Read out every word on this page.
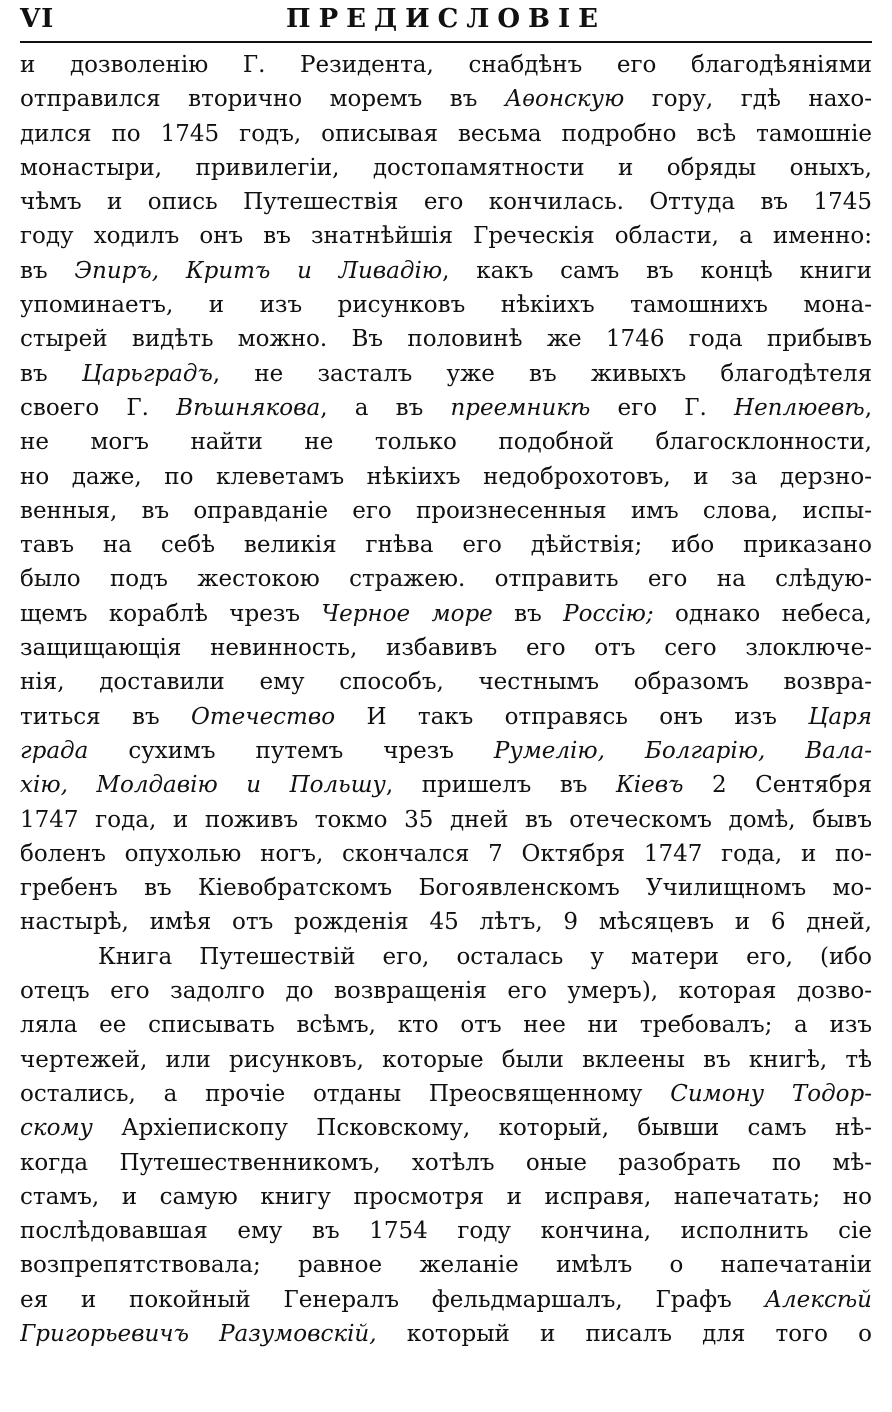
VI	ПРЕДИСЛОВІЕ
и дозволенію Г. Резидента, снабдѣнъ его благодѣяніями
отправился вторично моремъ въ Аѳонскую гору, гдѣ нахо-
дился по 1745 годъ, описывая весьма подробно всѣ тамошніе
монастыри, привилегіи, достопамятности и обряды оныхъ,
чѣмъ и опись Путешествія его кончилась. Оттуда въ 1745
году ходилъ онъ въ знатнѣйшія Греческія области, а именно:
въ Эпиръ, Критъ и Ливадію, какъ самъ въ концѣ книги
упоминаетъ, и изъ рисунковъ нѣкіихъ тамошнихъ мона-
стырей видѣть можно. Въ половинѣ же 1746 года прибывъ
въ Царьградъ, не засталъ уже въ живыхъ благодѣтеля
своего Г. Вѣшнякова, а въ преемникѣ его Г. Неплюевѣ,
не могъ найти не только подобной благосклонности,
но даже, по клеветамъ нѣкіихъ недоброхотовъ, и за дерзно-
венныя, въ оправданіе его произнесенныя имъ слова, испы-
тавъ на себѣ великія гнѣва его дѣйствія; ибо приказано
было подъ жестокою стражею. отправить его на слѣдую-
щемъ кораблѣ чрезъ Черное море въ Россію; однако небеса,
защищающія невинность, избавивъ его отъ сего злоключе-
нія, доставили ему способъ, честнымъ образомъ возвра-
титься въ Отечество И такъ отправясь онъ изъ Царя
града сухимъ путемъ чрезъ Румелію, Болгарію, Вала-
хію, Молдавію и Польшу, пришелъ въ Кіевъ 2 Сентября
1747 года, и поживъ токмо 35 дней въ отеческомъ домѣ, бывъ
боленъ опухолью ногъ, скончался 7 Октября 1747 года, и по-
гребенъ въ Кіевобратскомъ Богоявленскомъ Училищномъ мо-
настырѣ, имѣя отъ рожденія 45 лѣтъ, 9 мѣсяцевъ и 6 дней,
Книга Путешествій его, осталась у матери его, (ибо
отецъ его задолго до возвращенія его умеръ), которая дозво-
ляла ее списывать всѣмъ, кто отъ нее ни требовалъ; а изъ
чертежей, или рисунковъ, которые были вклеены въ книгѣ, тѣ
остались, а прочіе отданы Преосвященному Симону Тодор-
скому Архіепископу Псковскому, который, бывши самъ нѣ-
когда Путешественникомъ, хотѣлъ оные разобрать по мѣ-
стамъ, и самую книгу просмотря и исправя, напечатать; но
послѣдовавшая ему въ 1754 году кончина, исполнить сіе
возпрепятствовала; равное желаніе имѣлъ о напечатаніи
ея и покойный Генералъ фельдмаршалъ, Графъ Алексѣй
Григорьевичъ Разумовскій, который и писалъ для того о
